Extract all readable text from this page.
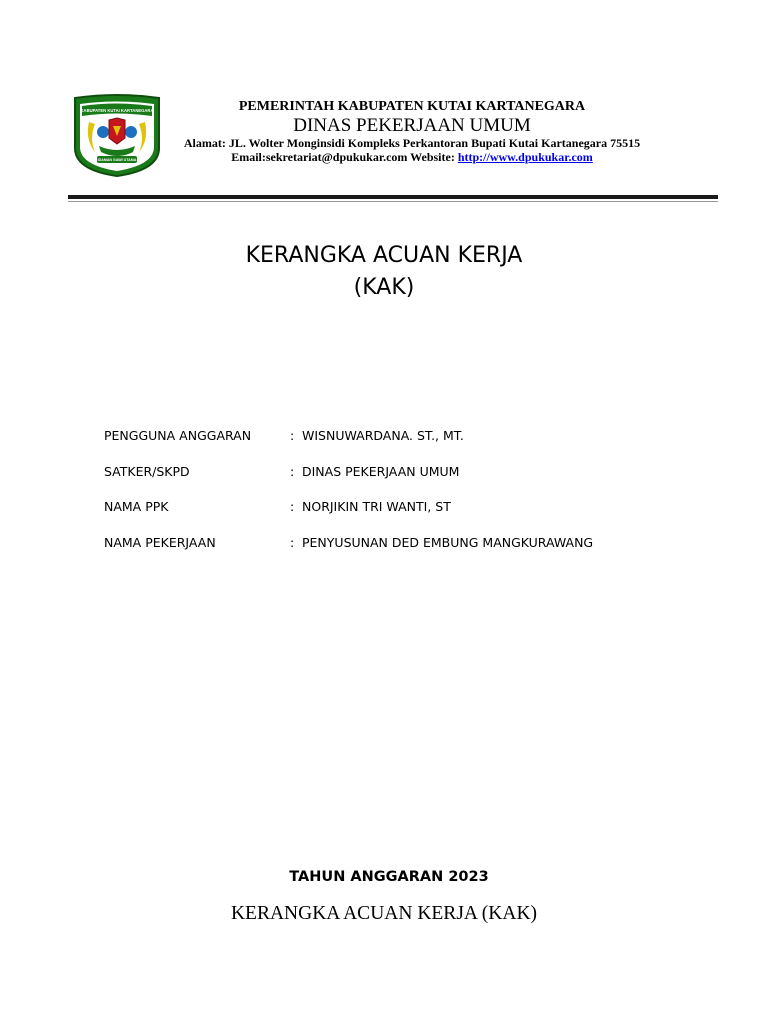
KABUPATEN KUTAI KARTANEGARA
IDAMAN GAWI UTAMA
PEMERINTAH KABUPATEN KUTAI KARTANEGARA
DINAS PEKERJAAN UMUM
Alamat: JL. Wolter Monginsidi Kompleks Perkantoran Bupati Kutai Kartanegara 75515
Email:sekretariat@dpukukar.com Website: http://www.dpukukar.com
KERANGKA ACUAN KERJA
(KAK)
PENGGUNA ANGGARAN	: WISNUWARDANA. ST., MT.
SATKER/SKPD	: DINAS PEKERJAAN UMUM
NAMA PPK	: NORJIKIN TRI WANTI, ST
NAMA PEKERJAAN	: PENYUSUNAN DED EMBUNG MANGKURAWANG
TAHUN ANGGARAN 2023
KERANGKA ACUAN KERJA (KAK)
